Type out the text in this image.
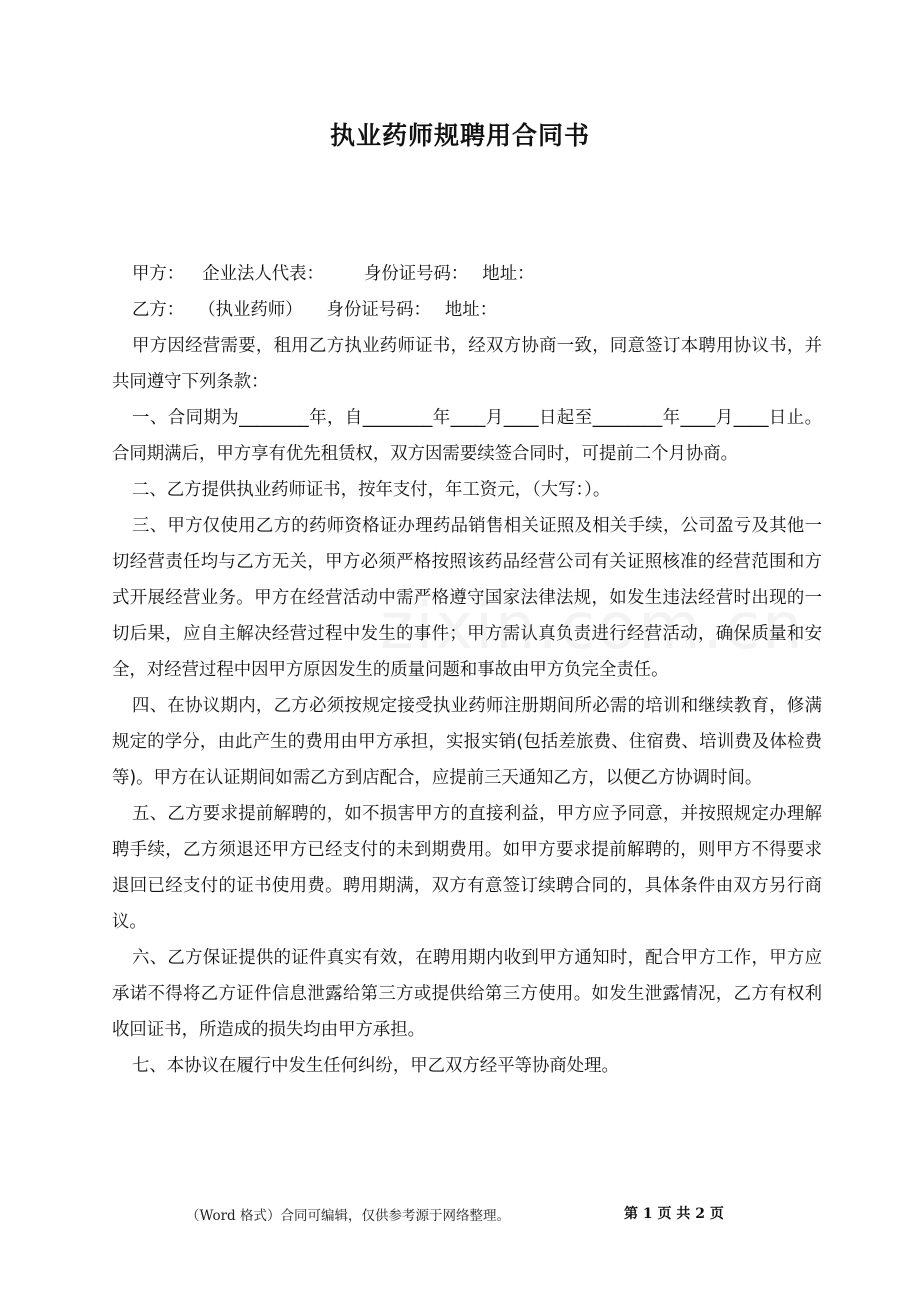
执业药师规聘用合同书

甲方： 企业法人代表： 身份证号码： 地址：

乙方： （执业药师） 身份证号码： 地址：

甲方因经营需要，租用乙方执业药师证书，经双方协商一致，同意签订本聘用协议书，并共同遵守下列条款：

一、合同期为________年，自________年____月____日起至________年____月____日止。合同期满后，甲方享有优先租赁权，双方因需要续签合同时，可提前二个月协商。

二、乙方提供执业药师证书，按年支付，年工资元，（大写：）。

三、甲方仅使用乙方的药师资格证办理药品销售相关证照及相关手续，公司盈亏及其他一切经营责任均与乙方无关，甲方必须严格按照该药品经营公司有关证照核准的经营范围和方式开展经营业务。甲方在经营活动中需严格遵守国家法律法规，如发生违法经营时出现的一切后果，应自主解决经营过程中发生的事件；甲方需认真负责进行经营活动，确保质量和安全，对经营过程中因甲方原因发生的质量问题和事故由甲方负完全责任。

四、在协议期内，乙方必须按规定接受执业药师注册期间所必需的培训和继续教育，修满规定的学分，由此产生的费用由甲方承担，实报实销(包括差旅费、住宿费、培训费及体检费等)。甲方在认证期间如需乙方到店配合，应提前三天通知乙方，以便乙方协调时间。

五、乙方要求提前解聘的，如不损害甲方的直接利益，甲方应予同意，并按照规定办理解聘手续，乙方须退还甲方已经支付的未到期费用。如甲方要求提前解聘的，则甲方不得要求退回已经支付的证书使用费。聘用期满，双方有意签订续聘合同的，具体条件由双方另行商议。

六、乙方保证提供的证件真实有效，在聘用期内收到甲方通知时，配合甲方工作，甲方应承诺不得将乙方证件信息泄露给第三方或提供给第三方使用。如发生泄露情况，乙方有权利收回证书，所造成的损失均由甲方承担。

七、本协议在履行中发生任何纠纷，甲乙双方经平等协商处理。

（Word 格式）合同可编辑，仅供参考源于网络整理。	第 1 页 共 2 页
